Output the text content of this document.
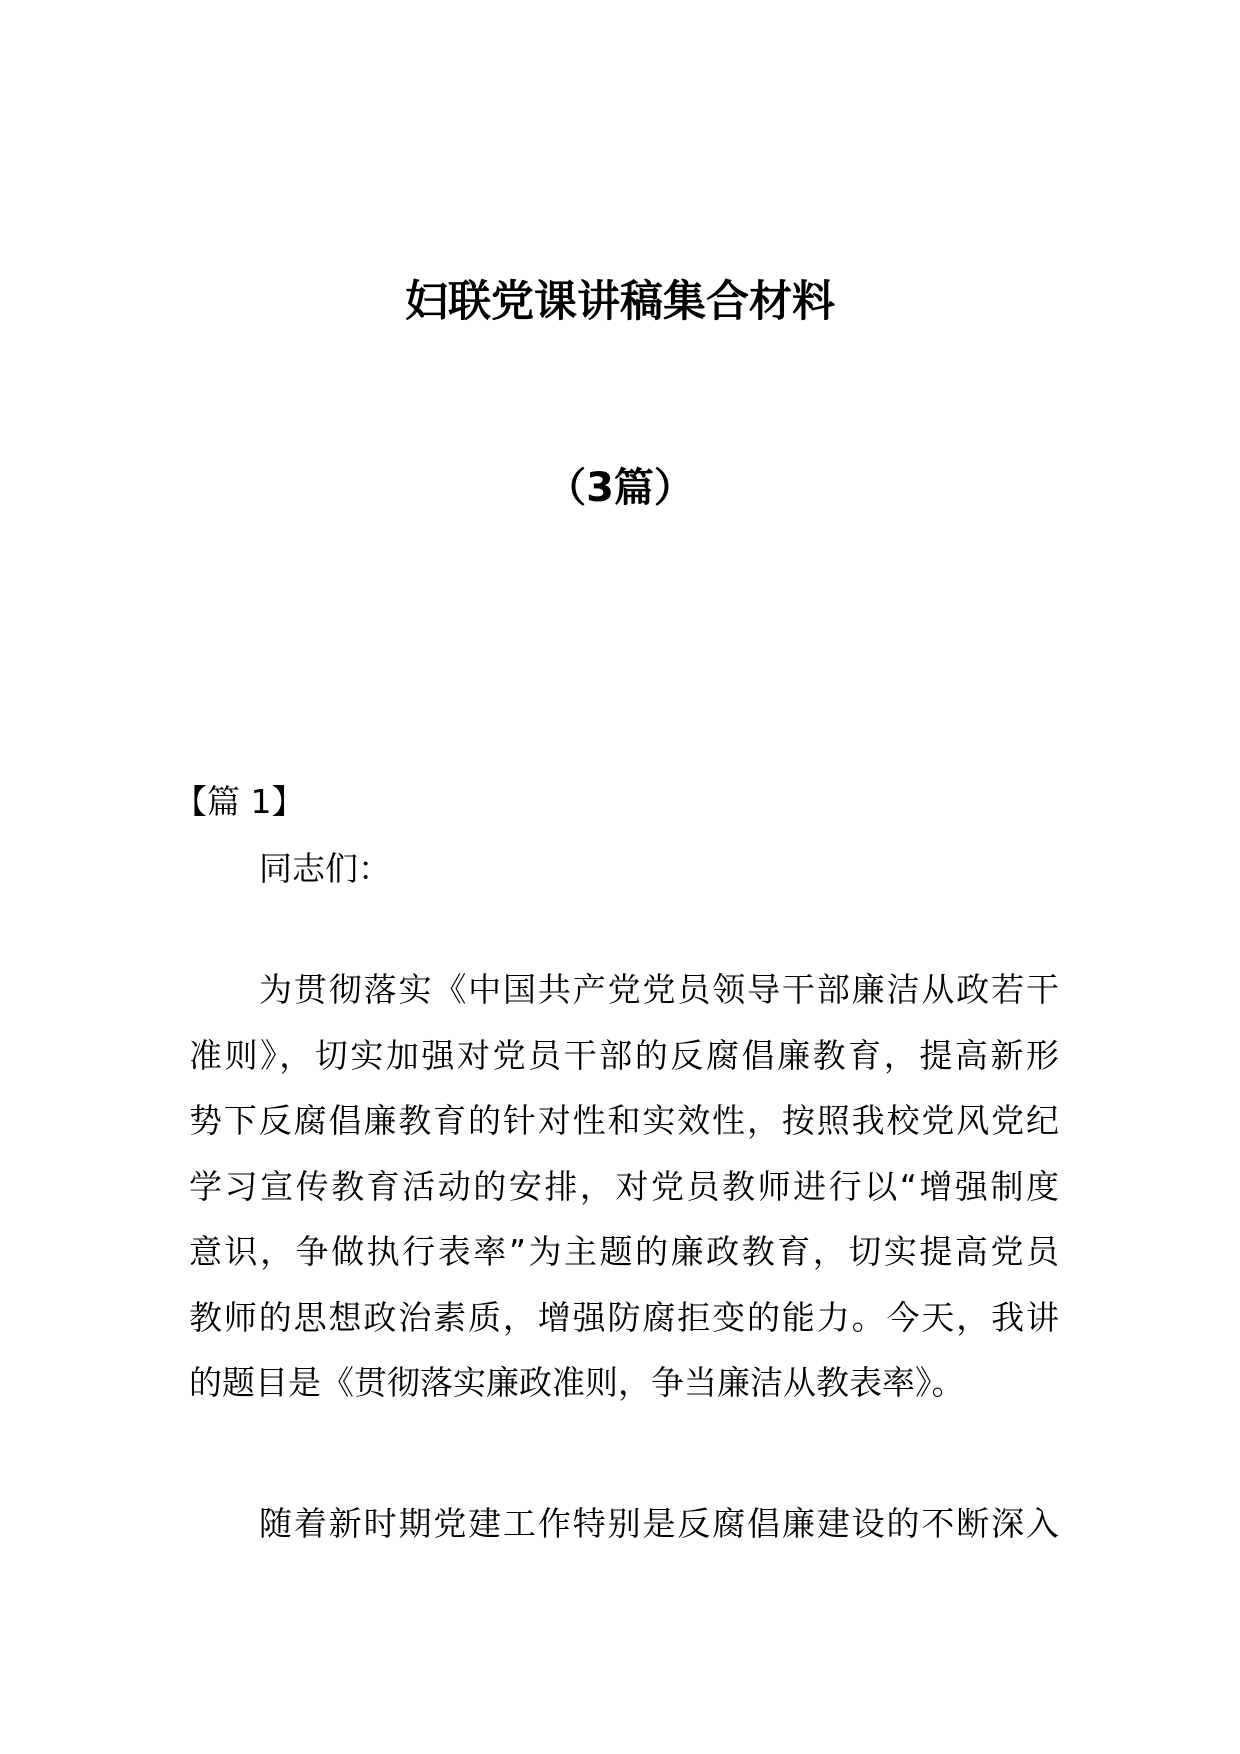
妇联党课讲稿集合材料
（3篇）
【篇 1】
同志们：
为贯彻落实《中国共产党党员领导干部廉洁从政若干
准则》，切实加强对党员干部的反腐倡廉教育，提高新形
势下反腐倡廉教育的针对性和实效性，按照我校党风党纪
学习宣传教育活动的安排，对党员教师进行以“增强制度
意识，争做执行表率”为主题的廉政教育，切实提高党员
教师的思想政治素质，增强防腐拒变的能力。今天，我讲
的题目是《贯彻落实廉政准则，争当廉洁从教表率》。
随着新时期党建工作特别是反腐倡廉建设的不断深入
